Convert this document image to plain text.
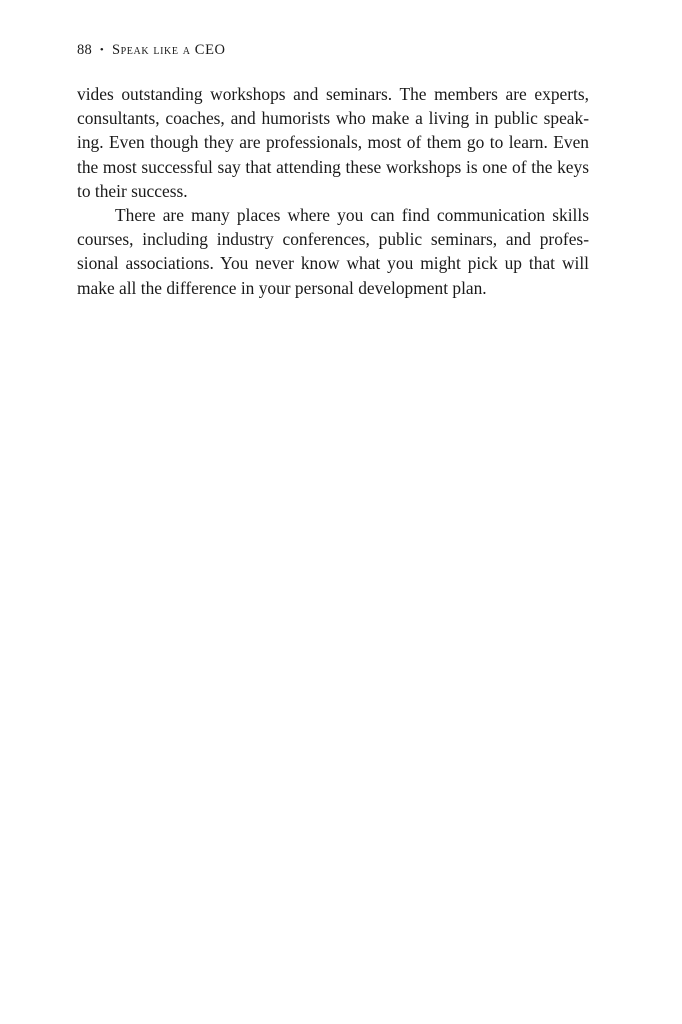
88 • Speak like a CEO

vides outstanding workshops and seminars. The members are experts, consultants, coaches, and humorists who make a living in public speaking. Even though they are professionals, most of them go to learn. Even the most successful say that attending these workshops is one of the keys to their success.

There are many places where you can find communication skills courses, including industry conferences, public seminars, and professional associations. You never know what you might pick up that will make all the difference in your personal development plan.
